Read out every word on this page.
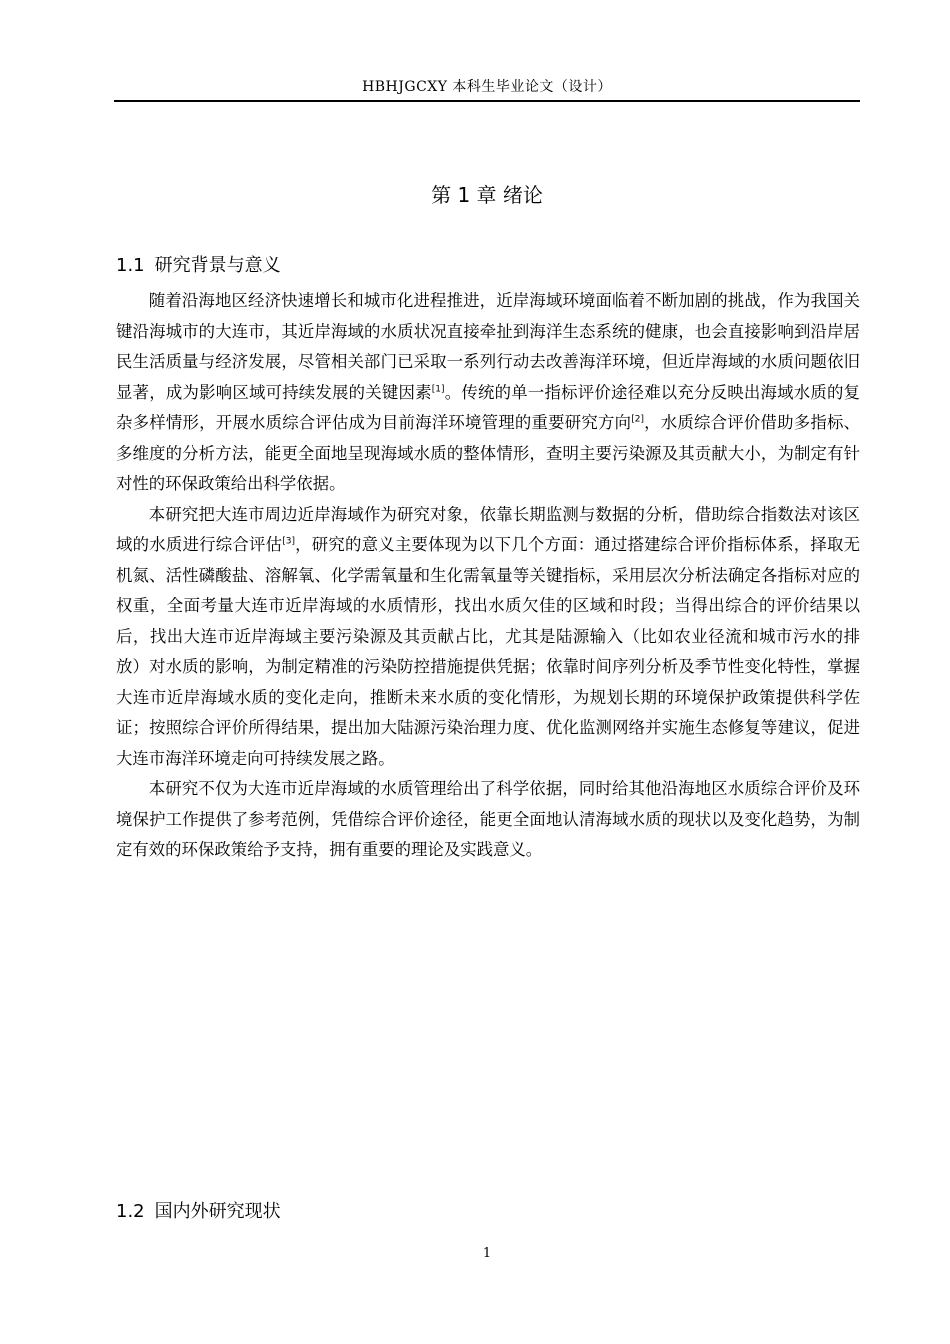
HBHJGCXY 本科生毕业论文（设计）
第 1 章 绪论
1.1 研究背景与意义

随着沿海地区经济快速增长和城市化进程推进，近岸海域环境面临着不断加剧的挑战，作为我国关键沿海城市的大连市，其近岸海域的水质状况直接牵扯到海洋生态系统的健康，也会直接影响到沿岸居民生活质量与经济发展，尽管相关部门已采取一系列行动去改善海洋环境，但近岸海域的水质问题依旧显著，成为影响区域可持续发展的关键因素[1]。传统的单一指标评价途径难以充分反映出海域水质的复杂多样情形，开展水质综合评估成为目前海洋环境管理的重要研究方向[2]，水质综合评价借助多指标、多维度的分析方法，能更全面地呈现海域水质的整体情形，查明主要污染源及其贡献大小，为制定有针对性的环保政策给出科学依据。

本研究把大连市周边近岸海域作为研究对象，依靠长期监测与数据的分析，借助综合指数法对该区域的水质进行综合评估[3]，研究的意义主要体现为以下几个方面：通过搭建综合评价指标体系，择取无机氮、活性磷酸盐、溶解氧、化学需氧量和生化需氧量等关键指标，采用层次分析法确定各指标对应的权重，全面考量大连市近岸海域的水质情形，找出水质欠佳的区域和时段；当得出综合的评价结果以后，找出大连市近岸海域主要污染源及其贡献占比，尤其是陆源输入（比如农业径流和城市污水的排放）对水质的影响，为制定精准的污染防控措施提供凭据；依靠时间序列分析及季节性变化特性，掌握大连市近岸海域水质的变化走向，推断未来水质的变化情形，为规划长期的环境保护政策提供科学佐证；按照综合评价所得结果，提出加大陆源污染治理力度、优化监测网络并实施生态修复等建议，促进大连市海洋环境走向可持续发展之路。

本研究不仅为大连市近岸海域的水质管理给出了科学依据，同时给其他沿海地区水质综合评价及环境保护工作提供了参考范例，凭借综合评价途径，能更全面地认清海域水质的现状以及变化趋势，为制定有效的环保政策给予支持，拥有重要的理论及实践意义。

1.2 国内外研究现状
1
